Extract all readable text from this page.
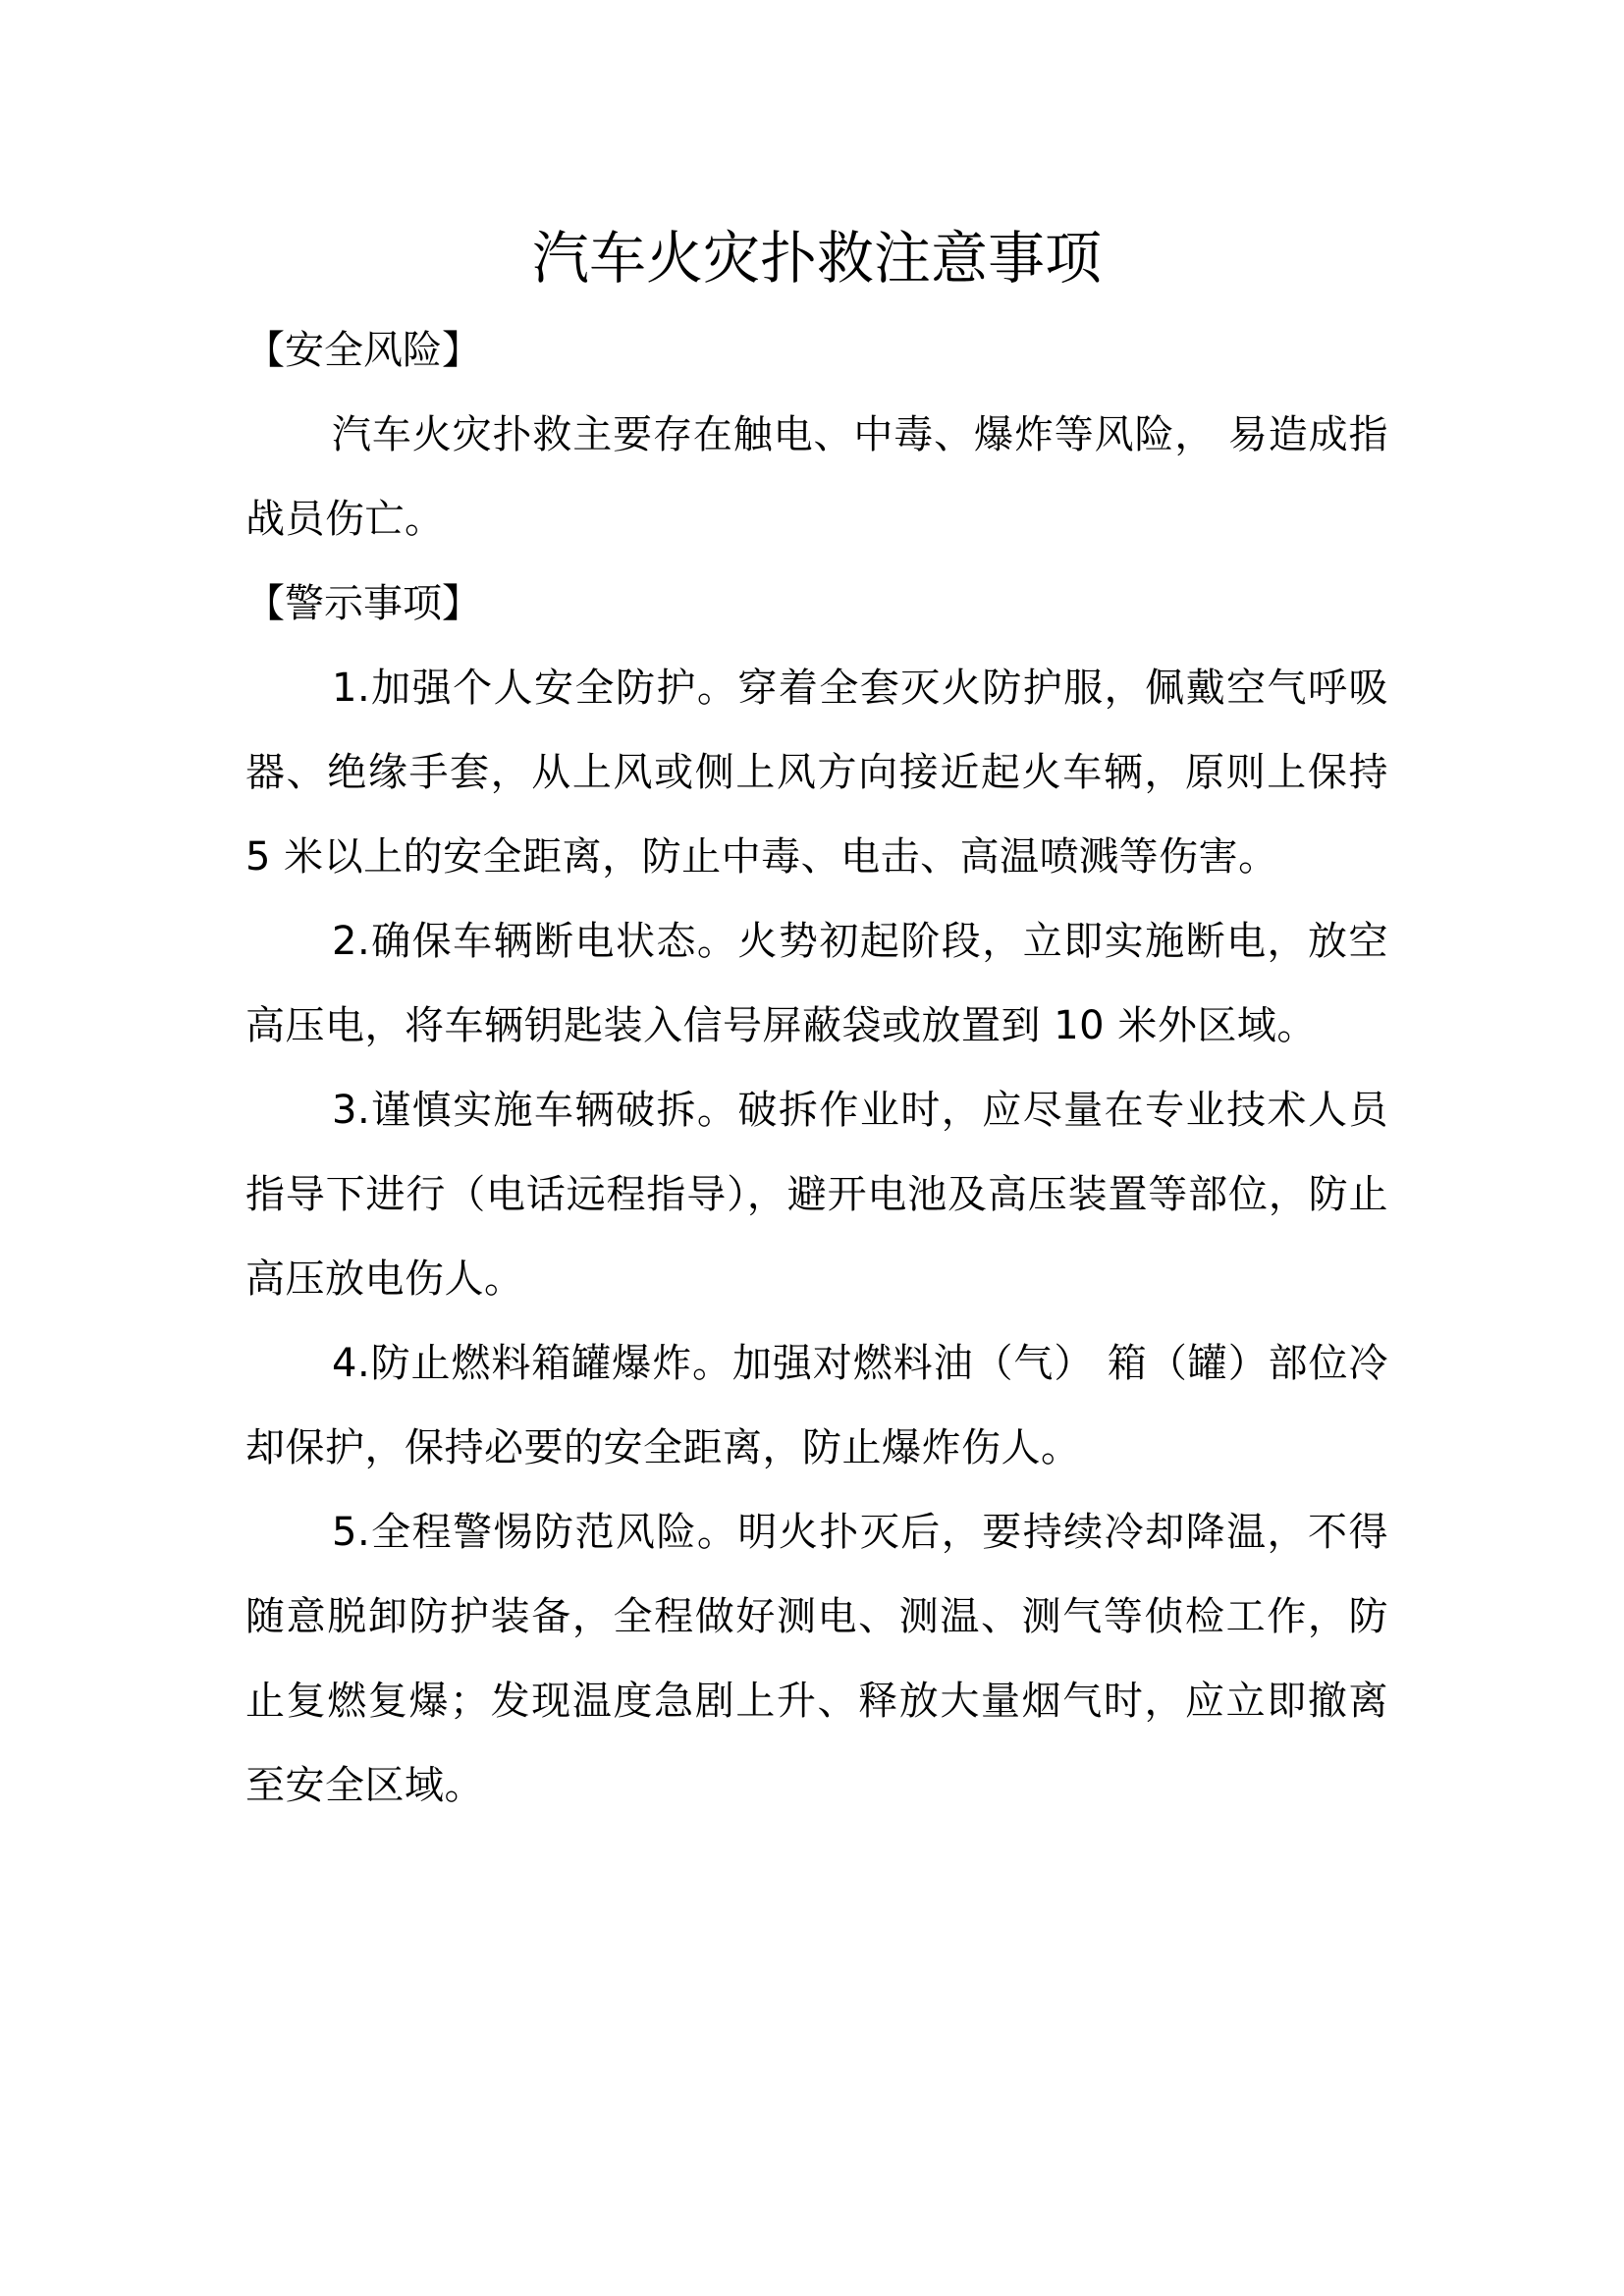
汽车火灾扑救注意事项

【安全风险】

汽车火灾扑救主要存在触电、中毒、爆炸等风险， 易造成指战员伤亡。

【警示事项】

1.加强个人安全防护。穿着全套灭火防护服，佩戴空气呼吸器、绝缘手套，从上风或侧上风方向接近起火车辆，原则上保持 5 米以上的安全距离，防止中毒、电击、高温喷溅等伤害。

2.确保车辆断电状态。火势初起阶段，立即实施断电，放空高压电，将车辆钥匙装入信号屏蔽袋或放置到 10 米外区域。

3.谨慎实施车辆破拆。破拆作业时，应尽量在专业技术人员指导下进行（电话远程指导），避开电池及高压装置等部位，防止高压放电伤人。

4.防止燃料箱罐爆炸。加强对燃料油（气） 箱（罐）部位冷却保护，保持必要的安全距离，防止爆炸伤人。

5.全程警惕防范风险。明火扑灭后，要持续冷却降温，不得随意脱卸防护装备，全程做好测电、测温、测气等侦检工作，防止复燃复爆；发现温度急剧上升、释放大量烟气时，应立即撤离至安全区域。
